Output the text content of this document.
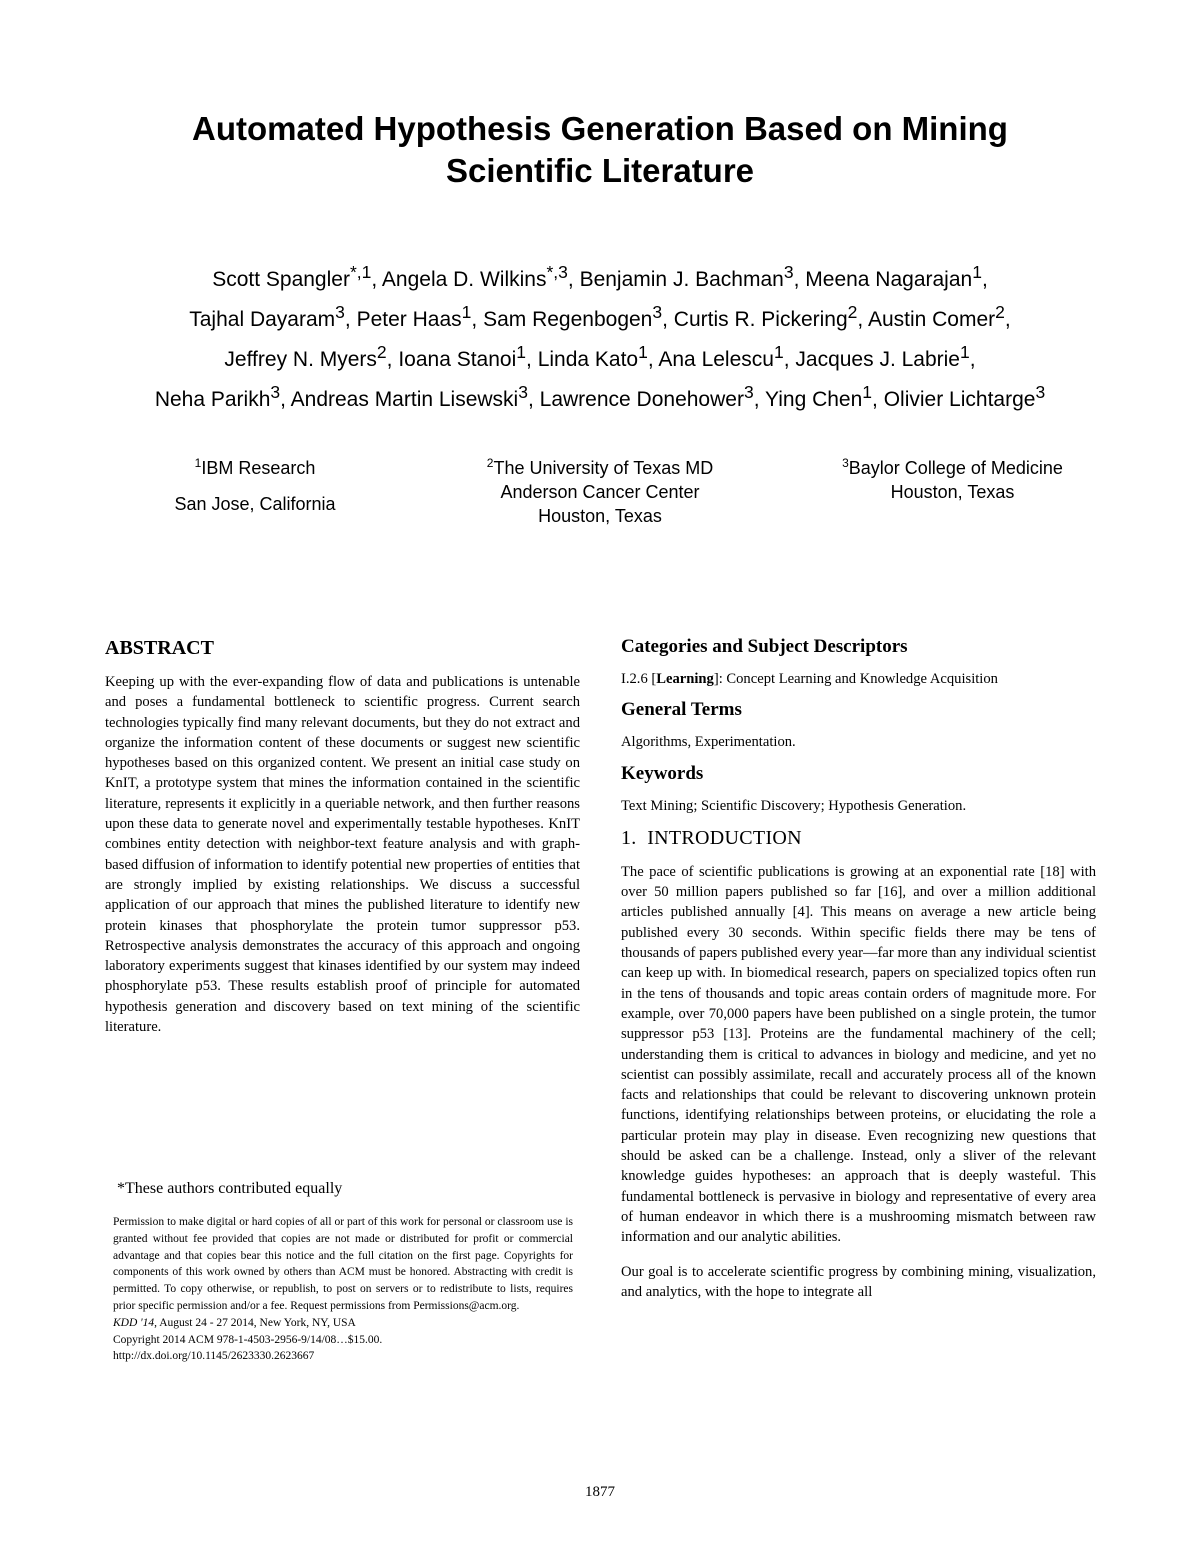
Automated Hypothesis Generation Based on Mining
Scientific Literature
Scott Spangler$^{*,1}$, Angela D. Wilkins$^{*,3}$, Benjamin J. Bachman$^3$, Meena Nagarajan$^1$,
Tajhal Dayaram$^3$, Peter Haas$^1$, Sam Regenbogen$^3$, Curtis R. Pickering$^2$, Austin Comer$^2$,
Jeffrey N. Myers$^2$, Ioana Stanoi$^1$, Linda Kato$^1$, Ana Lelescu$^1$, Jacques J. Labrie$^1$,
Neha Parikh$^3$, Andreas Martin Lisewski$^3$, Lawrence Donehower$^3$, Ying Chen$^1$, Olivier Lichtarge$^3$
$^1$IBM Research
San Jose, California
$^2$The University of Texas MD
Anderson Cancer Center
Houston, Texas
$^3$Baylor College of Medicine
Houston, Texas
ABSTRACT

Keeping up with the ever-expanding flow of data and publications is untenable and poses a fundamental bottleneck to scientific progress. Current search technologies typically find many relevant documents, but they do not extract and organize the information content of these documents or suggest new scientific hypotheses based on this organized content. We present an initial case study on KnIT, a prototype system that mines the information contained in the scientific literature, represents it explicitly in a queriable network, and then further reasons upon these data to generate novel and experimentally testable hypotheses. KnIT combines entity detection with neighbor-text feature analysis and with graph-based diffusion of information to identify potential new properties of entities that are strongly implied by existing relationships. We discuss a successful application of our approach that mines the published literature to identify new protein kinases that phosphorylate the protein tumor suppressor p53. Retrospective analysis demonstrates the accuracy of this approach and ongoing laboratory experiments suggest that kinases identified by our system may indeed phosphorylate p53. These results establish proof of principle for automated hypothesis generation and discovery based on text mining of the scientific literature.

*These authors contributed equally

Permission to make digital or hard copies of all or part of this work for personal or classroom use is granted without fee provided that copies are not made or distributed for profit or commercial advantage and that copies bear this notice and the full citation on the first page. Copyrights for components of this work owned by others than ACM must be honored. Abstracting with credit is permitted. To copy otherwise, or republish, to post on servers or to redistribute to lists, requires prior specific permission and/or a fee. Request permissions from Permissions@acm.org.

KDD '14, August 24 - 27 2014, New York, NY, USA

Copyright 2014 ACM 978-1-4503-2956-9/14/08…$15.00.

http://dx.doi.org/10.1145/2623330.2623667

Categories and Subject Descriptors

I.2.6 [Learning]: Concept Learning and Knowledge Acquisition

General Terms

Algorithms, Experimentation.

Keywords

Text Mining; Scientific Discovery; Hypothesis Generation.

1.  INTRODUCTION

The pace of scientific publications is growing at an exponential rate [18] with over 50 million papers published so far [16], and over a million additional articles published annually [4]. This means on average a new article being published every 30 seconds. Within specific fields there may be tens of thousands of papers published every year—far more than any individual scientist can keep up with. In biomedical research, papers on specialized topics often run in the tens of thousands and topic areas contain orders of magnitude more. For example, over 70,000 papers have been published on a single protein, the tumor suppressor p53 [13]. Proteins are the fundamental machinery of the cell; understanding them is critical to advances in biology and medicine, and yet no scientist can possibly assimilate, recall and accurately process all of the known facts and relationships that could be relevant to discovering unknown protein functions, identifying relationships between proteins, or elucidating the role a particular protein may play in disease. Even recognizing new questions that should be asked can be a challenge. Instead, only a sliver of the relevant knowledge guides hypotheses: an approach that is deeply wasteful. This fundamental bottleneck is pervasive in biology and representative of every area of human endeavor in which there is a mushrooming mismatch between raw information and our analytic abilities.

Our goal is to accelerate scientific progress by combining mining, visualization, and analytics, with the hope to integrate all

1877
